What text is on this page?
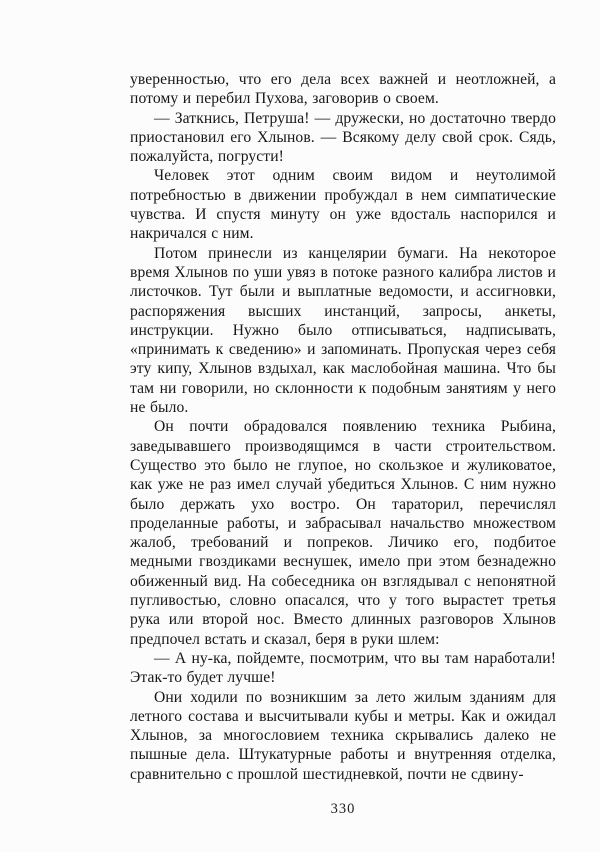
уверенностью, что его дела всех важней и неотложней, а потому и перебил Пухова, заговорив о своем.

— Заткнись, Петруша! — дружески, но достаточно твердо приостановил его Хлынов. — Всякому делу свой срок. Сядь, пожалуйста, погрусти!

Человек этот одним своим видом и неутолимой потребностью в движении пробуждал в нем симпатические чувства. И спустя минуту он уже вдосталь наспорился и накричался с ним.

Потом принесли из канцелярии бумаги. На некоторое время Хлынов по уши увяз в потоке разного калибра листов и листочков. Тут были и выплатные ведомости, и ассигновки, распоряжения высших инстанций, запросы, анкеты, инструкции. Нужно было отписываться, надписывать, «принимать к сведению» и запоминать. Пропуская через себя эту кипу, Хлынов вздыхал, как маслобойная машина. Что бы там ни говорили, но склонности к подобным занятиям у него не было.

Он почти обрадовался появлению техника Рыбина, заведывавшего производящимся в части строительством. Существо это было не глупое, но скользкое и жуликоватое, как уже не раз имел случай убедиться Хлынов. С ним нужно было держать ухо востро. Он тараторил, перечислял проделанные работы, и забрасывал начальство множеством жалоб, требований и попреков. Личико его, подбитое медными гвоздиками веснушек, имело при этом безнадежно обиженный вид. На собеседника он взглядывал с непонятной пугливостью, словно опасался, что у того вырастет третья рука или второй нос. Вместо длинных разговоров Хлынов предпочел встать и сказал, беря в руки шлем:

— А ну-ка, пойдемте, посмотрим, что вы там наработали! Этак-то будет лучше!

Они ходили по возникшим за лето жилым зданиям для летного состава и высчитывали кубы и метры. Как и ожидал Хлынов, за многословием техника скрывались далеко не пышные дела. Штукатурные работы и внутренняя отделка, сравнительно с прошлой шестидневкой, почти не сдвину-

330
